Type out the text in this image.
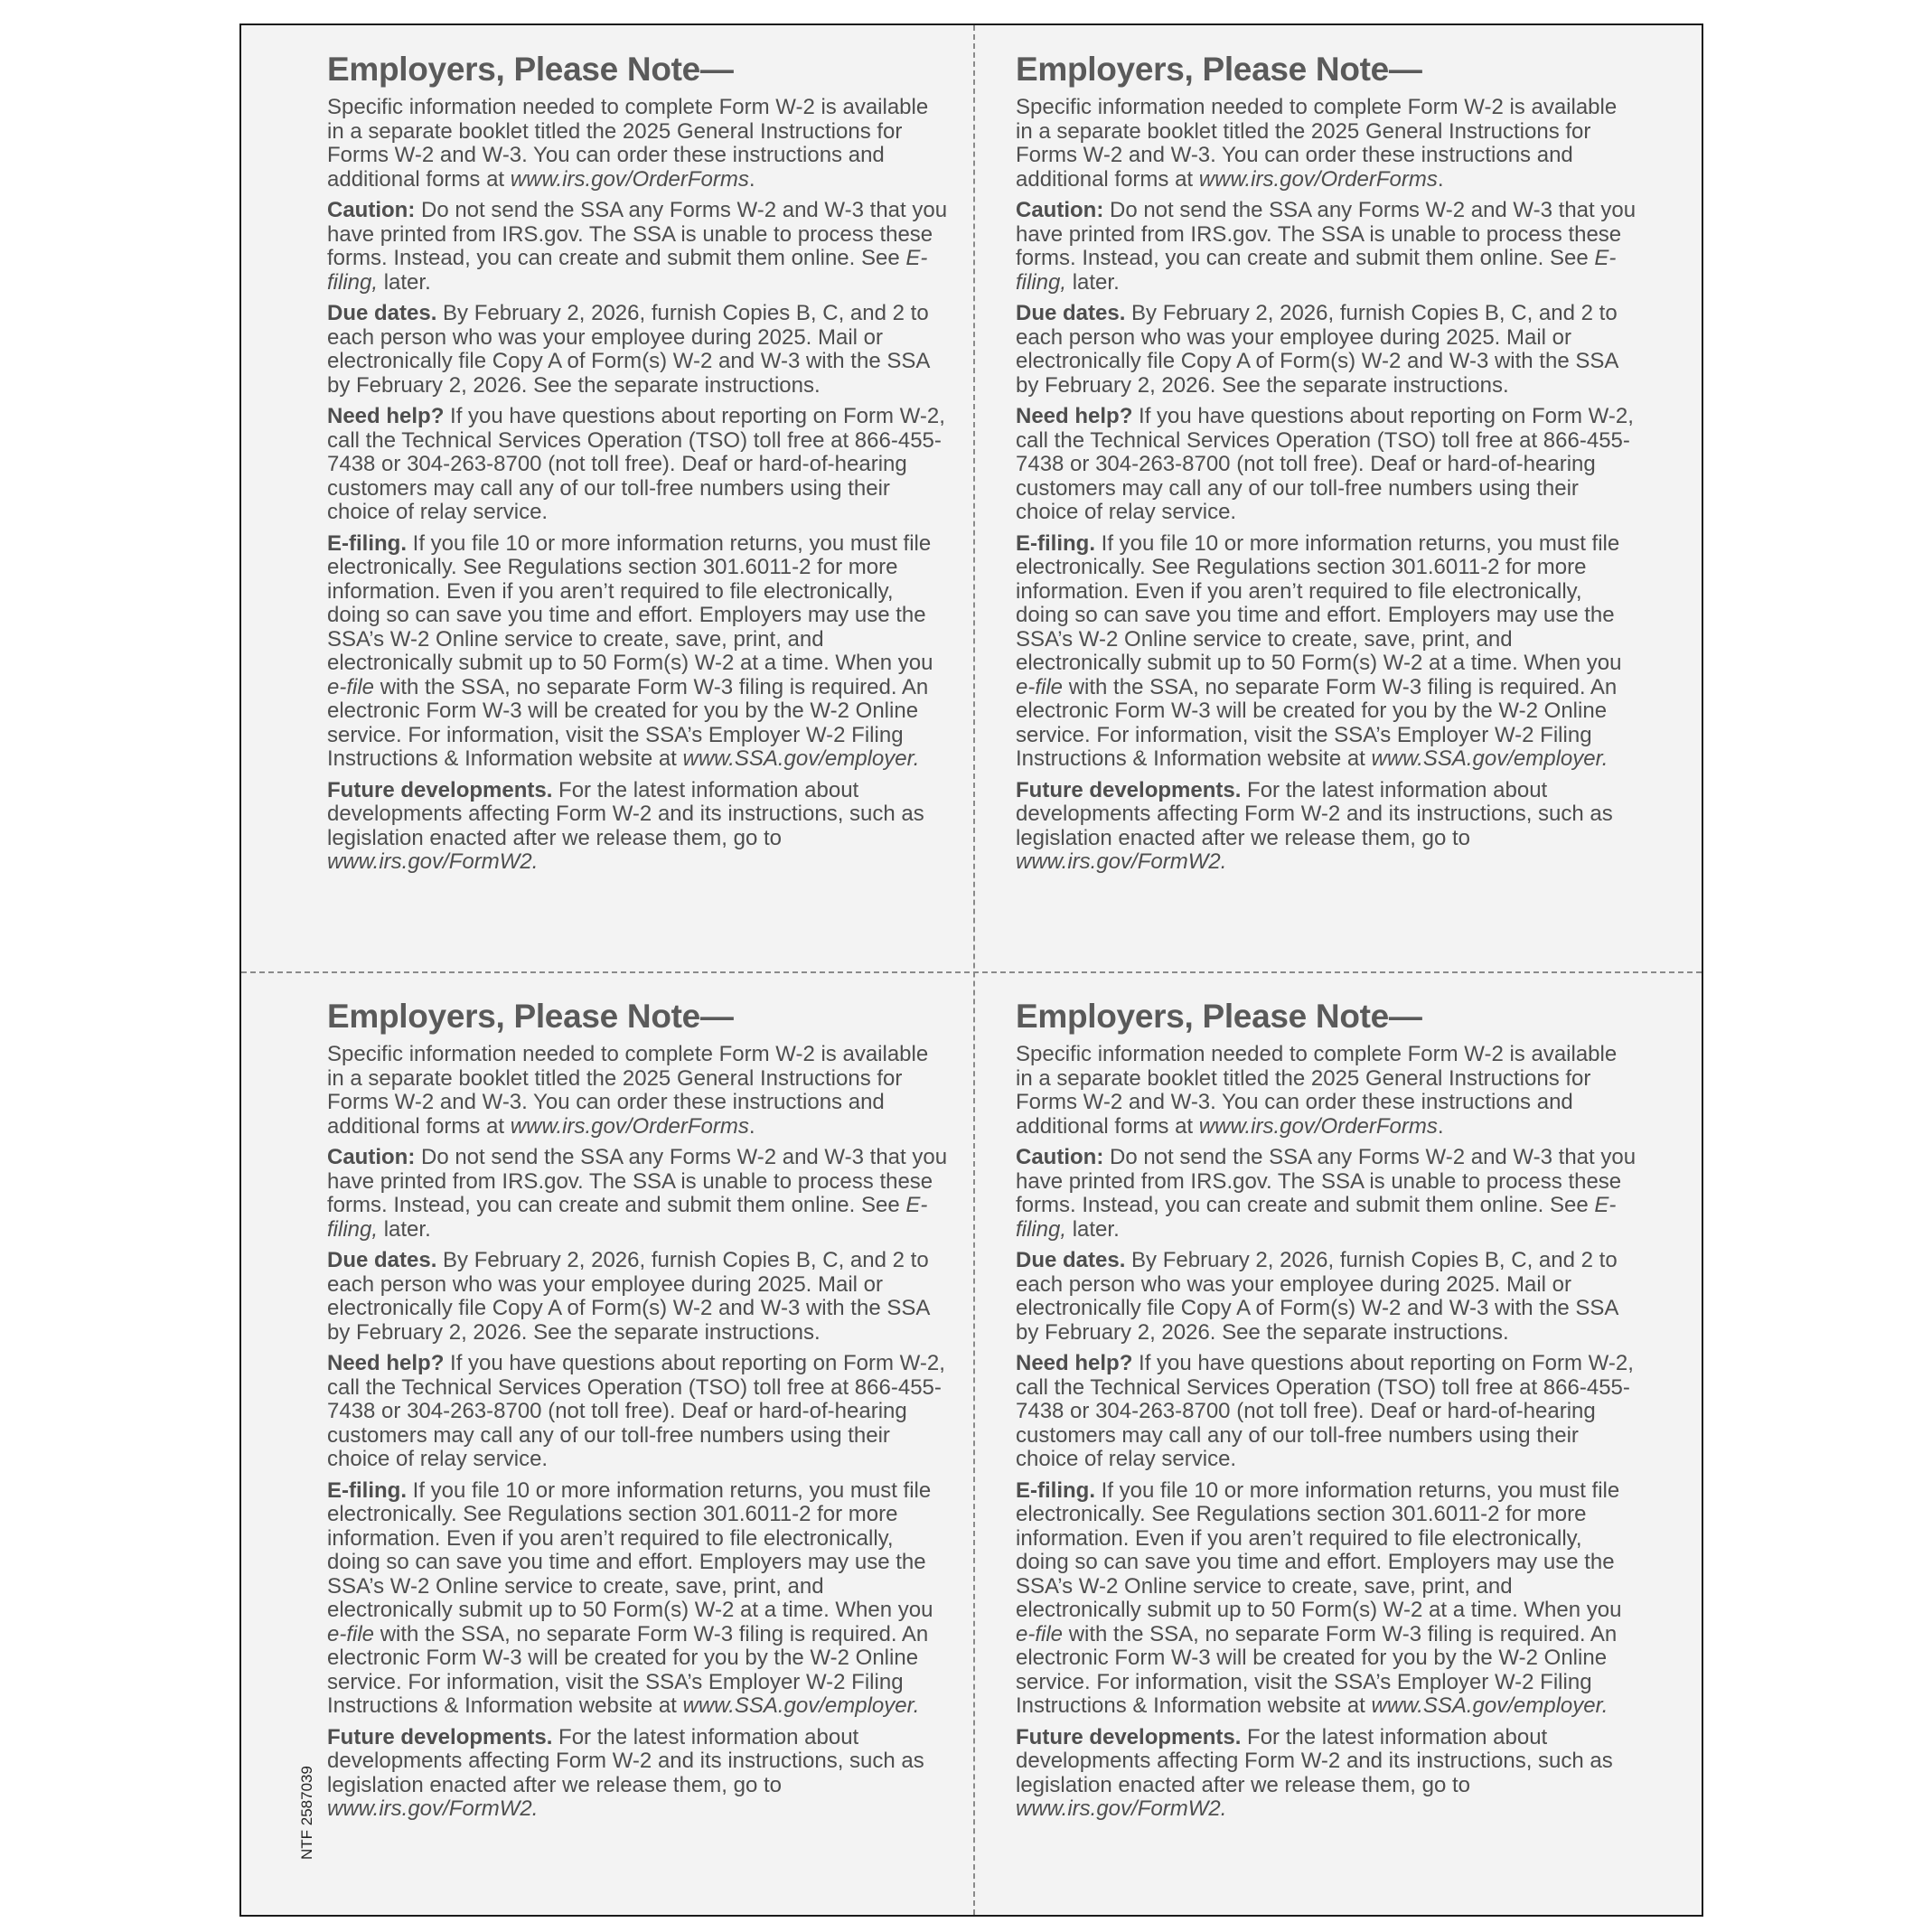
Employers, Please Note—

Specific information needed to complete Form W-2 is available in a separate booklet titled the 2025 General Instructions for Forms W-2 and W-3. You can order these instructions and additional forms at www.irs.gov/OrderForms.

Caution: Do not send the SSA any Forms W-2 and W-3 that you have printed from IRS.gov. The SSA is unable to process these forms. Instead, you can create and submit them online. See E-filing, later.

Due dates. By February 2, 2026, furnish Copies B, C, and 2 to each person who was your employee during 2025. Mail or electronically file Copy A of Form(s) W-2 and W-3 with the SSA by February 2, 2026. See the separate instructions.

Need help? If you have questions about reporting on Form W-2, call the Technical Services Operation (TSO) toll free at 866-455-7438 or 304-263-8700 (not toll free). Deaf or hard-of-hearing customers may call any of our toll-free numbers using their choice of relay service.

E-filing. If you file 10 or more information returns, you must file electronically. See Regulations section 301.6011-2 for more information. Even if you aren’t required to file electronically, doing so can save you time and effort. Employers may use the SSA’s W-2 Online service to create, save, print, and electronically submit up to 50 Form(s) W-2 at a time. When you e-file with the SSA, no separate Form W-3 filing is required. An electronic Form W-3 will be created for you by the W-2 Online service. For information, visit the SSA’s Employer W-2 Filing Instructions & Information website at www.SSA.gov/employer.

Future developments. For the latest information about developments affecting Form W-2 and its instructions, such as legislation enacted after we release them, go to www.irs.gov/FormW2.

Employers, Please Note—

Specific information needed to complete Form W-2 is available in a separate booklet titled the 2025 General Instructions for Forms W-2 and W-3. You can order these instructions and additional forms at www.irs.gov/OrderForms.

Caution: Do not send the SSA any Forms W-2 and W-3 that you have printed from IRS.gov. The SSA is unable to process these forms. Instead, you can create and submit them online. See E-filing, later.

Due dates. By February 2, 2026, furnish Copies B, C, and 2 to each person who was your employee during 2025. Mail or electronically file Copy A of Form(s) W-2 and W-3 with the SSA by February 2, 2026. See the separate instructions.

Need help? If you have questions about reporting on Form W-2, call the Technical Services Operation (TSO) toll free at 866-455-7438 or 304-263-8700 (not toll free). Deaf or hard-of-hearing customers may call any of our toll-free numbers using their choice of relay service.

E-filing. If you file 10 or more information returns, you must file electronically. See Regulations section 301.6011-2 for more information. Even if you aren’t required to file electronically, doing so can save you time and effort. Employers may use the SSA’s W-2 Online service to create, save, print, and electronically submit up to 50 Form(s) W-2 at a time. When you e-file with the SSA, no separate Form W-3 filing is required. An electronic Form W-3 will be created for you by the W-2 Online service. For information, visit the SSA’s Employer W-2 Filing Instructions & Information website at www.SSA.gov/employer.

Future developments. For the latest information about developments affecting Form W-2 and its instructions, such as legislation enacted after we release them, go to www.irs.gov/FormW2.

Employers, Please Note—

Specific information needed to complete Form W-2 is available in a separate booklet titled the 2025 General Instructions for Forms W-2 and W-3. You can order these instructions and additional forms at www.irs.gov/OrderForms.

Caution: Do not send the SSA any Forms W-2 and W-3 that you have printed from IRS.gov. The SSA is unable to process these forms. Instead, you can create and submit them online. See E-filing, later.

Due dates. By February 2, 2026, furnish Copies B, C, and 2 to each person who was your employee during 2025. Mail or electronically file Copy A of Form(s) W-2 and W-3 with the SSA by February 2, 2026. See the separate instructions.

Need help? If you have questions about reporting on Form W-2, call the Technical Services Operation (TSO) toll free at 866-455-7438 or 304-263-8700 (not toll free). Deaf or hard-of-hearing customers may call any of our toll-free numbers using their choice of relay service.

E-filing. If you file 10 or more information returns, you must file electronically. See Regulations section 301.6011-2 for more information. Even if you aren’t required to file electronically, doing so can save you time and effort. Employers may use the SSA’s W-2 Online service to create, save, print, and electronically submit up to 50 Form(s) W-2 at a time. When you e-file with the SSA, no separate Form W-3 filing is required. An electronic Form W-3 will be created for you by the W-2 Online service. For information, visit the SSA’s Employer W-2 Filing Instructions & Information website at www.SSA.gov/employer.

Future developments. For the latest information about developments affecting Form W-2 and its instructions, such as legislation enacted after we release them, go to www.irs.gov/FormW2.

Employers, Please Note—

Specific information needed to complete Form W-2 is available in a separate booklet titled the 2025 General Instructions for Forms W-2 and W-3. You can order these instructions and additional forms at www.irs.gov/OrderForms.

Caution: Do not send the SSA any Forms W-2 and W-3 that you have printed from IRS.gov. The SSA is unable to process these forms. Instead, you can create and submit them online. See E-filing, later.

Due dates. By February 2, 2026, furnish Copies B, C, and 2 to each person who was your employee during 2025. Mail or electronically file Copy A of Form(s) W-2 and W-3 with the SSA by February 2, 2026. See the separate instructions.

Need help? If you have questions about reporting on Form W-2, call the Technical Services Operation (TSO) toll free at 866-455-7438 or 304-263-8700 (not toll free). Deaf or hard-of-hearing customers may call any of our toll-free numbers using their choice of relay service.

E-filing. If you file 10 or more information returns, you must file electronically. See Regulations section 301.6011-2 for more information. Even if you aren’t required to file electronically, doing so can save you time and effort. Employers may use the SSA’s W-2 Online service to create, save, print, and electronically submit up to 50 Form(s) W-2 at a time. When you e-file with the SSA, no separate Form W-3 filing is required. An electronic Form W-3 will be created for you by the W-2 Online service. For information, visit the SSA’s Employer W-2 Filing Instructions & Information website at www.SSA.gov/employer.

Future developments. For the latest information about developments affecting Form W-2 and its instructions, such as legislation enacted after we release them, go to www.irs.gov/FormW2.

NTF 2587039
